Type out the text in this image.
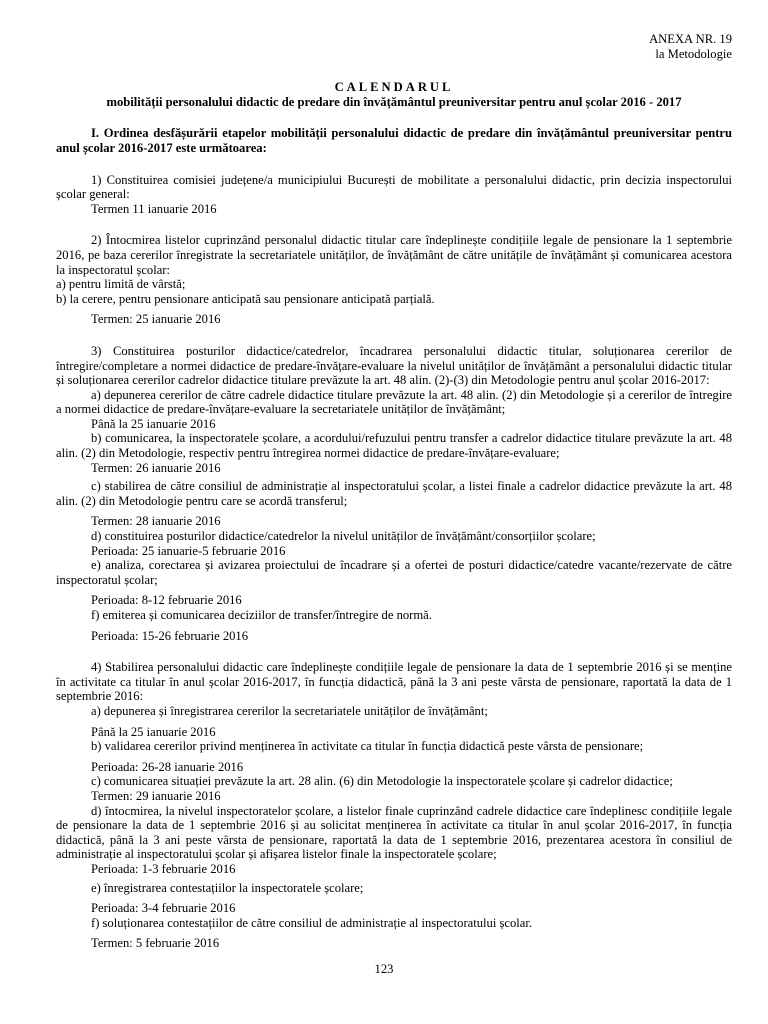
ANEXA NR. 19
la Metodologie
CALENDARUL
mobilității personalului didactic de predare din învățământul preuniversitar pentru anul școlar 2016 - 2017
I. Ordinea desfășurării etapelor mobilității personalului didactic de predare din învățământul preuniversitar pentru anul școlar 2016-2017 este următoarea:

1) Constituirea comisiei județene/a municipiului București de mobilitate a personalului didactic, prin decizia inspectorului școlar general:

Termen 11 ianuarie 2016

2) Întocmirea listelor cuprinzând personalul didactic titular care îndeplinește condițiile legale de pensionare la 1 septembrie 2016, pe baza cererilor înregistrate la secretariatele unităților, de învățământ de către unitățile de învățământ și comunicarea acestora la inspectoratul școlar:

a) pentru limită de vârstă;

b) la cerere, pentru pensionare anticipată sau pensionare anticipată parțială.

Termen: 25 ianuarie 2016

3) Constituirea posturilor didactice/catedrelor, încadrarea personalului didactic titular, soluționarea cererilor de întregire/completare a normei didactice de predare-învățare-evaluare la nivelul unităților de învățământ a personalului didactic titular și soluționarea cererilor cadrelor didactice titulare prevăzute la art. 48 alin. (2)-(3) din Metodologie pentru anul școlar 2016-2017:

a) depunerea cererilor de către cadrele didactice titulare prevăzute la art. 48 alin. (2) din Metodologie și a cererilor de întregire a normei didactice de predare-învățare-evaluare la secretariatele unităților de învățământ;

Până la 25 ianuarie 2016

b) comunicarea, la inspectoratele școlare, a acordului/refuzului pentru transfer a cadrelor didactice titulare prevăzute la art. 48 alin. (2) din Metodologie, respectiv pentru întregirea normei didactice de predare-învățare-evaluare;

Termen: 26 ianuarie 2016

c) stabilirea de către consiliul de administrație al inspectoratului școlar, a listei finale a cadrelor didactice prevăzute la art. 48 alin. (2) din Metodologie pentru care se acordă transferul;

Termen: 28 ianuarie 2016

d) constituirea posturilor didactice/catedrelor la nivelul unităților de învățământ/consorțiilor școlare;

Perioada: 25 ianuarie-5 februarie 2016

e) analiza, corectarea și avizarea proiectului de încadrare și a ofertei de posturi didactice/catedre vacante/rezervate de către inspectoratul școlar;

Perioada: 8-12 februarie 2016

f) emiterea și comunicarea deciziilor de transfer/întregire de normă.

Perioada: 15-26 februarie 2016

4) Stabilirea personalului didactic care îndeplinește condițiile legale de pensionare la data de 1 septembrie 2016 și se menține în activitate ca titular în anul școlar 2016-2017, în funcția didactică, până la 3 ani peste vârsta de pensionare, raportată la data de 1 septembrie 2016:

a) depunerea și înregistrarea cererilor la secretariatele unităților de învățământ;

Până la 25 ianuarie 2016

b) validarea cererilor privind menținerea în activitate ca titular în funcția didactică peste vârsta de pensionare;

Perioada: 26-28 ianuarie 2016

c) comunicarea situației prevăzute la art. 28 alin. (6) din Metodologie la inspectoratele școlare și cadrelor didactice;

Termen: 29 ianuarie 2016

d) întocmirea, la nivelul inspectoratelor școlare, a listelor finale cuprinzând cadrele didactice care îndeplinesc condițiile legale de pensionare la data de 1 septembrie 2016 și au solicitat menținerea în activitate ca titular în anul școlar 2016-2017, în funcția didactică, până la 3 ani peste vârsta de pensionare, raportată la data de 1 septembrie 2016, prezentarea acestora în consiliul de administrație al inspectoratului școlar și afișarea listelor finale la inspectoratele școlare;

Perioada: 1-3 februarie 2016

e) înregistrarea contestațiilor la inspectoratele școlare;

Perioada: 3-4 februarie 2016

f) soluționarea contestațiilor de către consiliul de administrație al inspectoratului școlar.

Termen: 5 februarie 2016

123
